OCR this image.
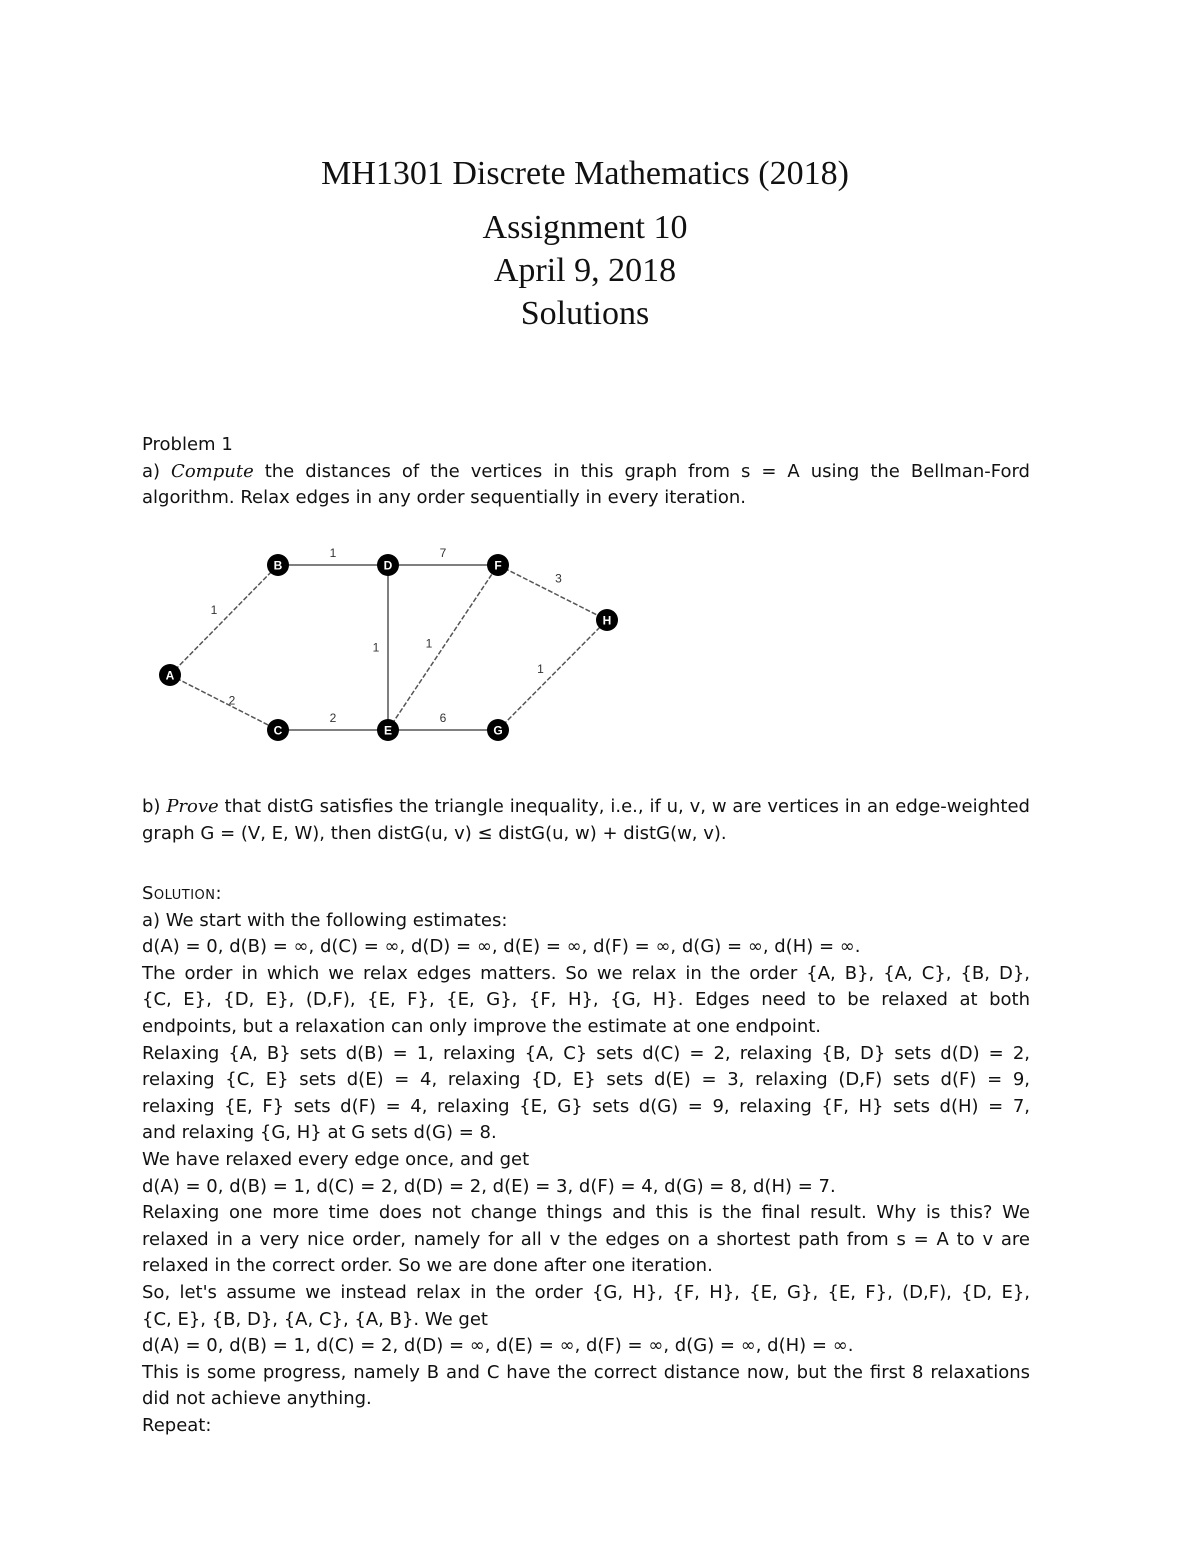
MH1301 Discrete Mathematics (2018)
Assignment 10
April 9, 2018
Solutions
Problem 1
a) Compute the distances of the vertices in this graph from s = A using the Bellman-Ford
algorithm. Relax edges in any order sequentially in every iteration.
1
2
1
2
1
7
1
6
3
1
A
B
C
D
E
F
G
H
b) Prove that distG satisfies the triangle inequality, i.e., if u, v, w are vertices in an edge-weighted
graph G = (V, E, W), then distG(u, v) ≤ distG(u, w) + distG(w, v).
Solution:
a) We start with the following estimates:
d(A) = 0, d(B) = ∞, d(C) = ∞, d(D) = ∞, d(E) = ∞, d(F) = ∞, d(G) = ∞, d(H) = ∞.
The order in which we relax edges matters. So we relax in the order {A, B}, {A, C}, {B, D},
{C, E}, {D, E}, (D,F), {E, F}, {E, G}, {F, H}, {G, H}. Edges need to be relaxed at both
endpoints, but a relaxation can only improve the estimate at one endpoint.
Relaxing {A, B} sets d(B) = 1, relaxing {A, C} sets d(C) = 2, relaxing {B, D} sets d(D) = 2,
relaxing {C, E} sets d(E) = 4, relaxing {D, E} sets d(E) = 3, relaxing (D,F) sets d(F) = 9,
relaxing {E, F} sets d(F) = 4, relaxing {E, G} sets d(G) = 9, relaxing {F, H} sets d(H) = 7,
and relaxing {G, H} at G sets d(G) = 8.
We have relaxed every edge once, and get
d(A) = 0, d(B) = 1, d(C) = 2, d(D) = 2, d(E) = 3, d(F) = 4, d(G) = 8, d(H) = 7.
Relaxing one more time does not change things and this is the final result. Why is this? We
relaxed in a very nice order, namely for all v the edges on a shortest path from s = A to v are
relaxed in the correct order. So we are done after one iteration.
So, let's assume we instead relax in the order {G, H}, {F, H}, {E, G}, {E, F}, (D,F), {D, E},
{C, E}, {B, D}, {A, C}, {A, B}. We get
d(A) = 0, d(B) = 1, d(C) = 2, d(D) = ∞, d(E) = ∞, d(F) = ∞, d(G) = ∞, d(H) = ∞.
This is some progress, namely B and C have the correct distance now, but the first 8 relaxations
did not achieve anything.
Repeat:
